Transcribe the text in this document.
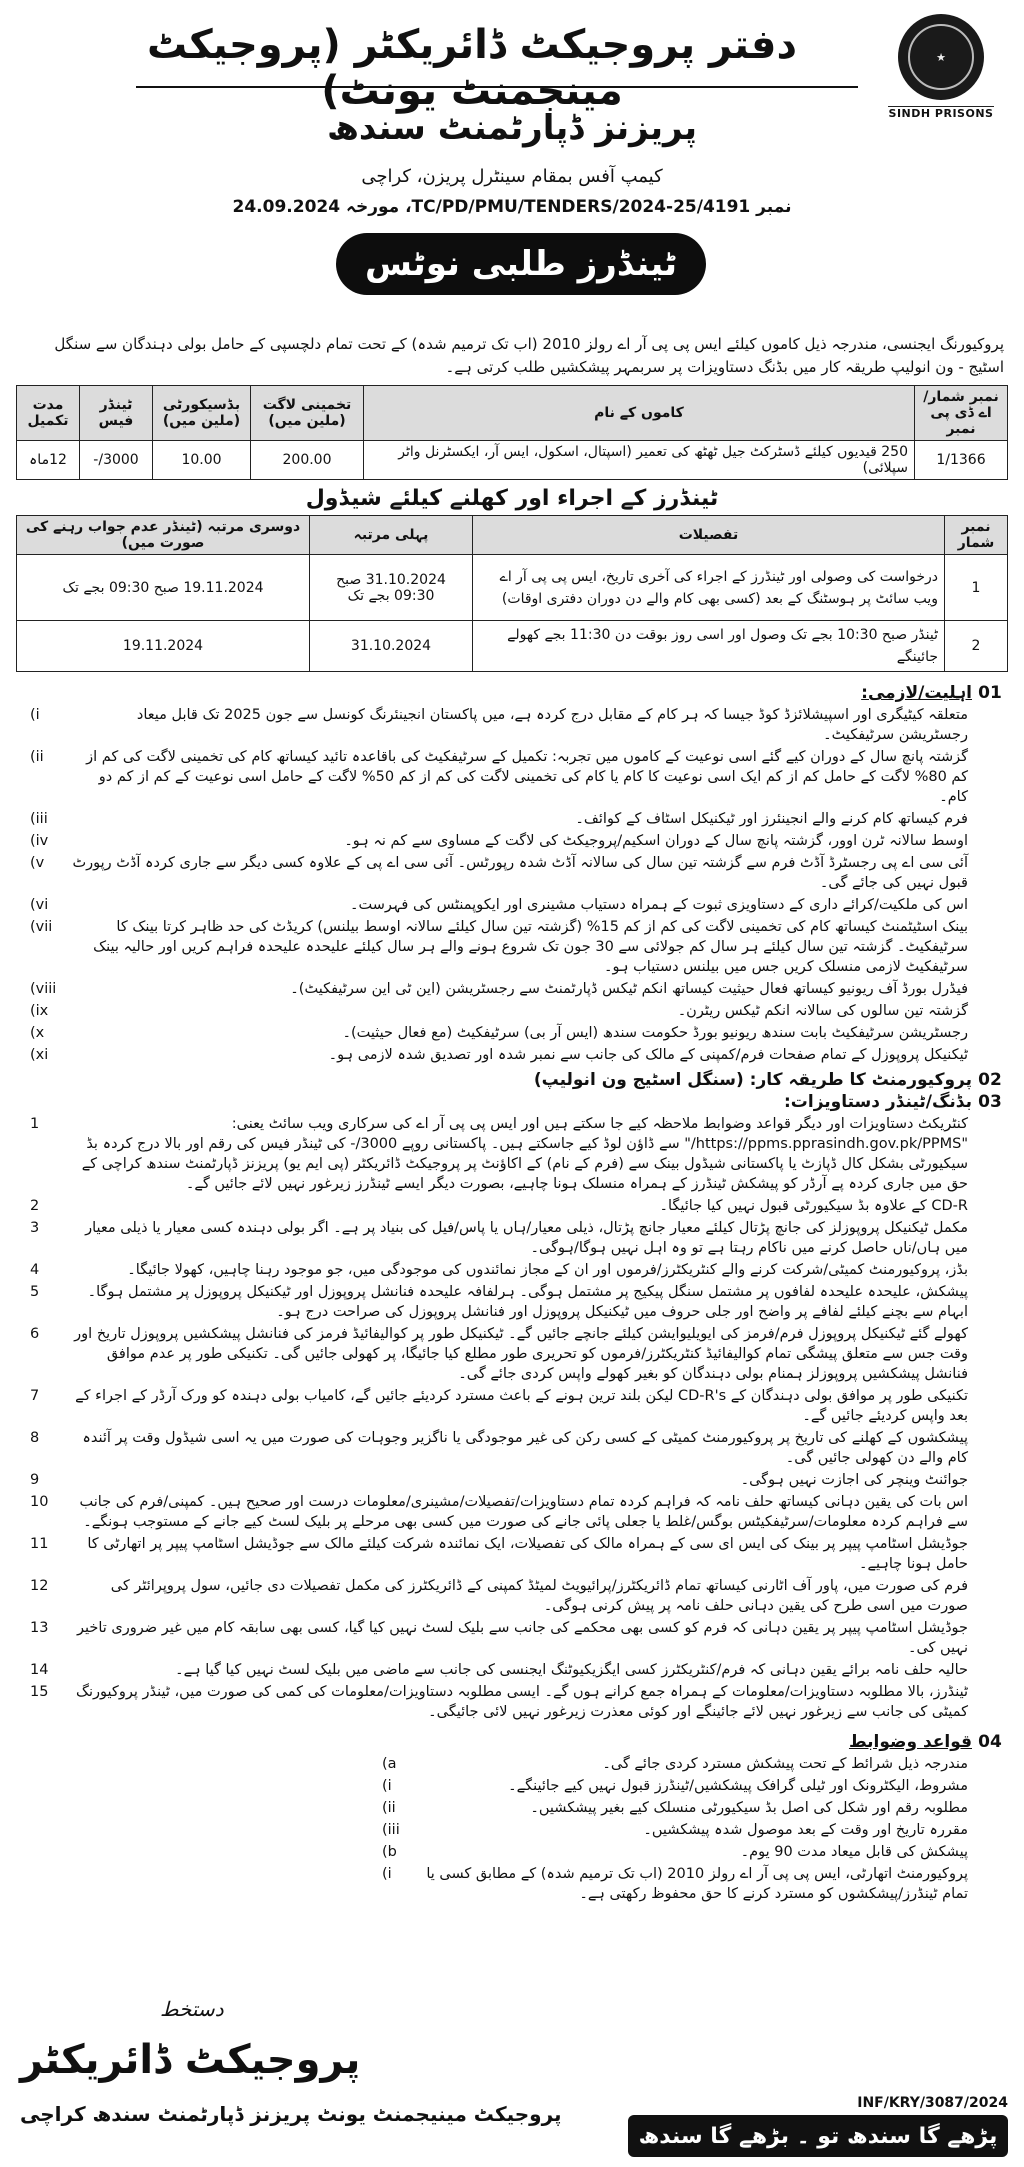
★
SINDH PRISONS
دفتر پروجیکٹ ڈائریکٹر (پروجیکٹ مینجمنٹ یونٹ)
پریزنز ڈپارٹمنٹ سندھ
کیمپ آفس بمقام سینٹرل پریزن، کراچی
نمبر TC/PD/PMU/TENDERS/2024-25/4191، مورخہ 24.09.2024
ٹینڈرز طلبی نوٹس
پروکیورنگ ایجنسی، مندرجہ ذیل کاموں کیلئے ایس پی پی آر اے رولز 2010 (اب تک ترمیم شدہ) کے تحت تمام دلچسپی کے حامل بولی دہندگان سے سنگل اسٹیج - ون انولیپ طریقہ کار میں بڈنگ دستاویزات پر سربمہر پیشکشیں طلب کرتی ہے۔
نمبر شمار/اے ڈی پی نمبر	کاموں کے نام	تخمینی لاگت (ملین میں)	بڈسیکورٹی (ملین میں)	ٹینڈر فیس	مدت تکمیل
1/1366	250 قیدیوں کیلئے ڈسٹرکٹ جیل ٹھٹھ کی تعمیر (اسپتال، اسکول، ایس آر، ایکسٹرنل واٹر سپلائی)	200.00	10.00	3000/-	12ماہ
ٹینڈرز کے اجراء اور کھلنے کیلئے شیڈول
نمبر شمار	تفصیلات	پہلی مرتبہ	دوسری مرتبہ (ٹینڈر عدم جواب رہنے کی صورت میں)
1	درخواست کی وصولی اور ٹینڈرز کے اجراء کی آخری تاریخ، ایس پی پی آر اے ویب سائٹ پر ہوسٹنگ کے بعد (کسی بھی کام والے دن دوران دفتری اوقات)	31.10.2024 صبح 09:30 بجے تک	19.11.2024 صبح 09:30 بجے تک
2	ٹینڈر صبح 10:30 بجے تک وصول اور اسی روز بوقت دن 11:30 بجے کھولے جائینگے	31.10.2024	19.11.2024
01
اہلیت/لازمی:
متعلقہ کیٹیگری اور اسپیشلائزڈ کوڈ جیسا کہ ہر کام کے مقابل درج کردہ ہے، میں پاکستان انجینئرنگ کونسل سے جون 2025 تک قابل میعاد رجسٹریشن سرٹیفکیٹ۔
(i
گزشتہ پانچ سال کے دوران کیے گئے اسی نوعیت کے کاموں میں تجربہ: تکمیل کے سرٹیفکیٹ کی باقاعدہ تائید کیساتھ کام کی تخمینی لاگت کی کم از کم 80% لاگت کے حامل کم از کم ایک اسی نوعیت کا کام یا کام کی تخمینی لاگت کی کم از کم 50% لاگت کے حامل اسی نوعیت کے کم از کم دو کام۔
(ii
فرم کیساتھ کام کرنے والے انجینئرز اور ٹیکنیکل اسٹاف کے کوائف۔
(iii
اوسط سالانہ ٹرن اوور، گزشتہ پانچ سال کے دوران اسکیم/پروجیکٹ کی لاگت کے مساوی سے کم نہ ہو۔
(iv
آئی سی اے پی رجسٹرڈ آڈٹ فرم سے گزشتہ تین سال کی سالانہ آڈٹ شدہ رپورٹس۔ آئی سی اے پی کے علاوہ کسی دیگر سے جاری کردہ آڈٹ رپورٹ قبول نہیں کی جائے گی۔
(v
اس کی ملکیت/کرائے داری کے دستاویزی ثبوت کے ہمراہ دستیاب مشینری اور ایکوپمنٹس کی فہرست۔
(vi
بینک اسٹیٹمنٹ کیساتھ کام کی تخمینی لاگت کی کم از کم 15% (گزشتہ تین سال کیلئے سالانہ اوسط بیلنس) کریڈٹ کی حد ظاہر کرتا بینک کا سرٹیفکیٹ۔ گزشتہ تین سال کیلئے ہر سال کم جولائی سے 30 جون تک شروع ہونے والے ہر سال کیلئے علیحدہ علیحدہ فراہم کریں اور حالیہ بینک سرٹیفکیٹ لازمی منسلک کریں جس میں بیلنس دستیاب ہو۔
(vii
فیڈرل بورڈ آف ریونیو کیساتھ فعال حیثیت کیساتھ انکم ٹیکس ڈپارٹمنٹ سے رجسٹریشن (این ٹی این سرٹیفکیٹ)۔
(viii
گزشتہ تین سالوں کی سالانہ انکم ٹیکس ریٹرن۔
(ix
رجسٹریشن سرٹیفکیٹ بابت سندھ ریونیو بورڈ حکومت سندھ (ایس آر بی) سرٹیفکیٹ (مع فعال حیثیت)۔
(x
ٹیکنیکل پروپوزل کے تمام صفحات فرم/کمپنی کے مالک کی جانب سے نمبر شدہ اور تصدیق شدہ لازمی ہو۔
(xi
02
پروکیورمنٹ کا طریقہ کار: (سنگل اسٹیج ون انولیپ)
03
بڈنگ/ٹینڈر دستاویزات:
کنٹریکٹ دستاویزات اور دیگر قواعد وضوابط ملاحظہ کیے جا سکتے ہیں اور ایس پی پی آر اے کی سرکاری ویب سائٹ یعنی: "https://ppms.pprasindh.gov.pk/PPMS/" سے ڈاؤن لوڈ کیے جاسکتے ہیں۔ پاکستانی روپے 3000/- کی ٹینڈر فیس کی رقم اور بالا درج کردہ بڈ سیکیورٹی بشکل کال ڈپازٹ یا پاکستانی شیڈول بینک سے (فرم کے نام) کے اکاؤنٹ پر پروجیکٹ ڈائریکٹر (پی ایم یو) پریزنز ڈپارٹمنٹ سندھ کراچی کے حق میں جاری کردہ پے آرڈر کو پیشکش ٹینڈرز کے ہمراہ منسلک ہونا چاہیے، بصورت دیگر ایسے ٹینڈرز زیرغور نہیں لائے جائیں گے۔
1
CD-R کے علاوہ بڈ سیکیورٹی قبول نہیں کیا جائیگا۔
2
مکمل ٹیکنیکل پروپوزلز کی جانچ پڑتال کیلئے معیار جانچ پڑتال، ذیلی معیار/ہاں یا پاس/فیل کی بنیاد پر ہے۔ اگر بولی دہندہ کسی معیار یا ذیلی معیار میں ہاں/ناں حاصل کرنے میں ناکام رہتا ہے تو وہ اہل نہیں ہوگا/ہوگی۔
3
بڈز، پروکیورمنٹ کمیٹی/شرکت کرنے والے کنٹریکٹرز/فرموں اور ان کے مجاز نمائندوں کی موجودگی میں، جو موجود رہنا چاہیں، کھولا جائیگا۔
4
پیشکش، علیحدہ علیحدہ لفافوں پر مشتمل سنگل پیکیج پر مشتمل ہوگی۔ ہرلفافہ علیحدہ فنانشل پروپوزل اور ٹیکنیکل پروپوزل پر مشتمل ہوگا۔ ابہام سے بچنے کیلئے لفافے پر واضح اور جلی حروف میں ٹیکنیکل پروپوزل اور فنانشل پروپوزل کی صراحت درج ہو۔
5
کھولے گئے ٹیکنیکل پروپوزل فرم/فرمز کی ایویلیوایشن کیلئے جانچے جائیں گے۔ ٹیکنیکل طور پر کوالیفائیڈ فرمز کی فنانشل پیشکشیں پروپوزل تاریخ اور وقت جس سے متعلق پیشگی تمام کوالیفائیڈ کنٹریکٹرز/فرموں کو تحریری طور مطلع کیا جائیگا، پر کھولی جائیں گی۔ تکنیکی طور پر عدم موافق فنانشل پیشکشیں پروپوزلز ہمنام بولی دہندگان کو بغیر کھولے واپس کردی جائے گی۔
6
تکنیکی طور پر موافق بولی دہندگان کے CD-R's لیکن بلند ترین ہونے کے باعث مسترد کردیئے جائیں گے، کامیاب بولی دہندہ کو ورک آرڈر کے اجراء کے بعد واپس کردیئے جائیں گے۔
7
پیشکشوں کے کھلنے کی تاریخ پر پروکیورمنٹ کمیٹی کے کسی رکن کی غیر موجودگی یا ناگزیر وجوہات کی صورت میں یہ اسی شیڈول وقت پر آئندہ کام والے دن کھولی جائیں گی۔
8
جوائنٹ وینچر کی اجازت نہیں ہوگی۔
9
اس بات کی یقین دہانی کیساتھ حلف نامہ کہ فراہم کردہ تمام دستاویزات/تفصیلات/مشینری/معلومات درست اور صحیح ہیں۔ کمپنی/فرم کی جانب سے فراہم کردہ معلومات/سرٹیفکیٹس بوگس/غلط یا جعلی پائی جانے کی صورت میں کسی بھی مرحلے پر بلیک لسٹ کیے جانے کے مستوجب ہونگے۔
10
جوڈیشل اسٹامپ پیپر پر بینک کی ایس ای سی کے ہمراہ مالک کی تفصیلات، ایک نمائندہ شرکت کیلئے مالک سے جوڈیشل اسٹامپ پیپر پر اتھارٹی کا حامل ہونا چاہیے۔
11
فرم کی صورت میں، پاور آف اٹارنی کیساتھ تمام ڈائریکٹرز/پرائیویٹ لمیٹڈ کمپنی کے ڈائریکٹرز کی مکمل تفصیلات دی جائیں، سول پروپرائٹر کی صورت میں اسی طرح کی یقین دہانی حلف نامہ پر پیش کرنی ہوگی۔
12
جوڈیشل اسٹامپ پیپر پر یقین دہانی کہ فرم کو کسی بھی محکمے کی جانب سے بلیک لسٹ نہیں کیا گیا، کسی بھی سابقہ کام میں غیر ضروری تاخیر نہیں کی۔
13
حالیہ حلف نامہ برائے یقین دہانی کہ فرم/کنٹریکٹرز کسی ایگزیکیوٹنگ ایجنسی کی جانب سے ماضی میں بلیک لسٹ نہیں کیا گیا ہے۔
14
ٹینڈرز، بالا مطلوبہ دستاویزات/معلومات کے ہمراہ جمع کرانے ہوں گے۔ ایسی مطلوبہ دستاویزات/معلومات کی کمی کی صورت میں، ٹینڈر پروکیورنگ کمیٹی کی جانب سے زیرغور نہیں لائے جائینگے اور کوئی معذرت زیرغور نہیں لائی جائیگی۔
15
04
قواعد وضوابط
مندرجہ ذیل شرائط کے تحت پیشکش مسترد کردی جائے گی۔
(a
مشروط، الیکٹرونک اور ٹیلی گرافک پیشکشیں/ٹینڈرز قبول نہیں کیے جائینگے۔
(i
مطلوبہ رقم اور شکل کی اصل بڈ سیکیورٹی منسلک کیے بغیر پیشکشیں۔
(ii
مقررہ تاریخ اور وقت کے بعد موصول شدہ پیشکشیں۔
(iii
پیشکش کی قابل میعاد مدت 90 یوم۔
(b
پروکیورمنٹ اتھارٹی، ایس پی پی آر اے رولز 2010 (اب تک ترمیم شدہ) کے مطابق کسی یا تمام ٹینڈرز/پیشکشوں کو مسترد کرنے کا حق محفوظ رکھتی ہے۔
(i
دستخط
پروجیکٹ ڈائریکٹر
پروجیکٹ مینیجمنٹ یونٹ پریزنز ڈپارٹمنٹ سندھ کراچی	INF/KRY/3087/2024
پڑھے گا سندھ تو ۔ بڑھے گا سندھ
